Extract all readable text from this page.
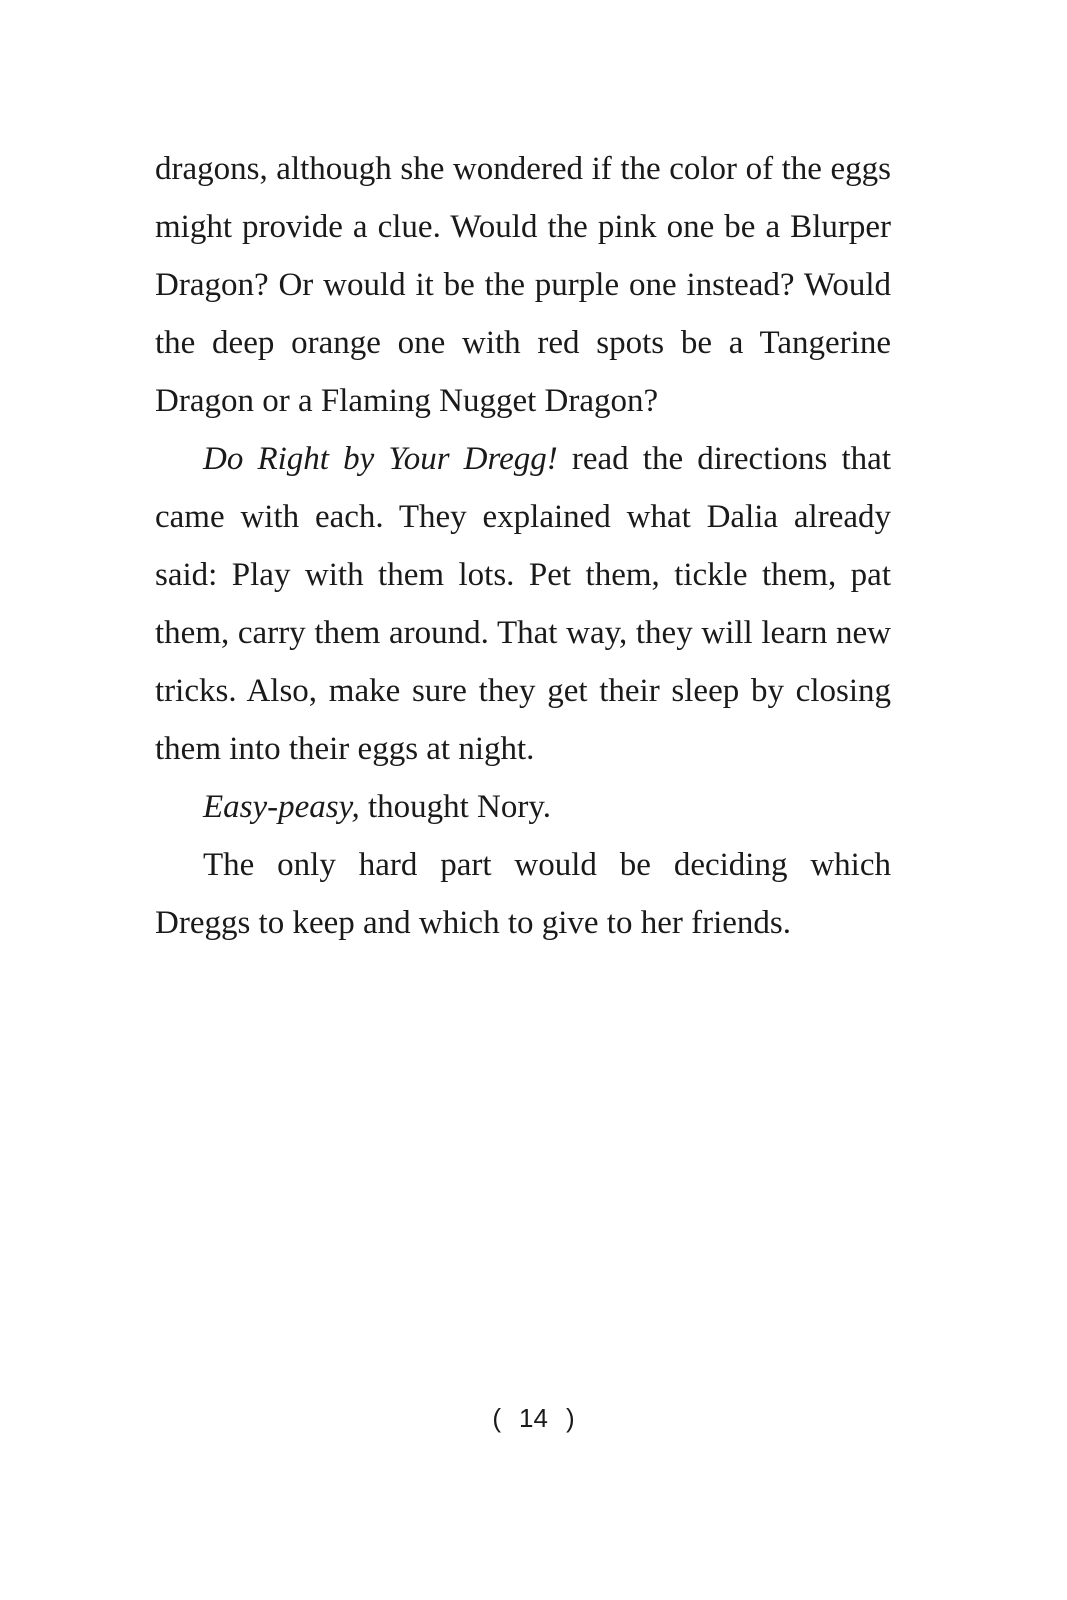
dragons, although she wondered if the color of the eggs might provide a clue. Would the pink one be a Blurper Dragon? Or would it be the purple one instead? Would the deep orange one with red spots be a Tangerine Dragon or a Flaming Nugget Dragon?

Do Right by Your Dregg! read the directions that came with each. They explained what Dalia already said: Play with them lots. Pet them, tickle them, pat them, carry them around. That way, they will learn new tricks. Also, make sure they get their sleep by closing them into their eggs at night.

Easy-peasy, thought Nory.

The only hard part would be deciding which Dreggs to keep and which to give to her friends.

( 14 )
